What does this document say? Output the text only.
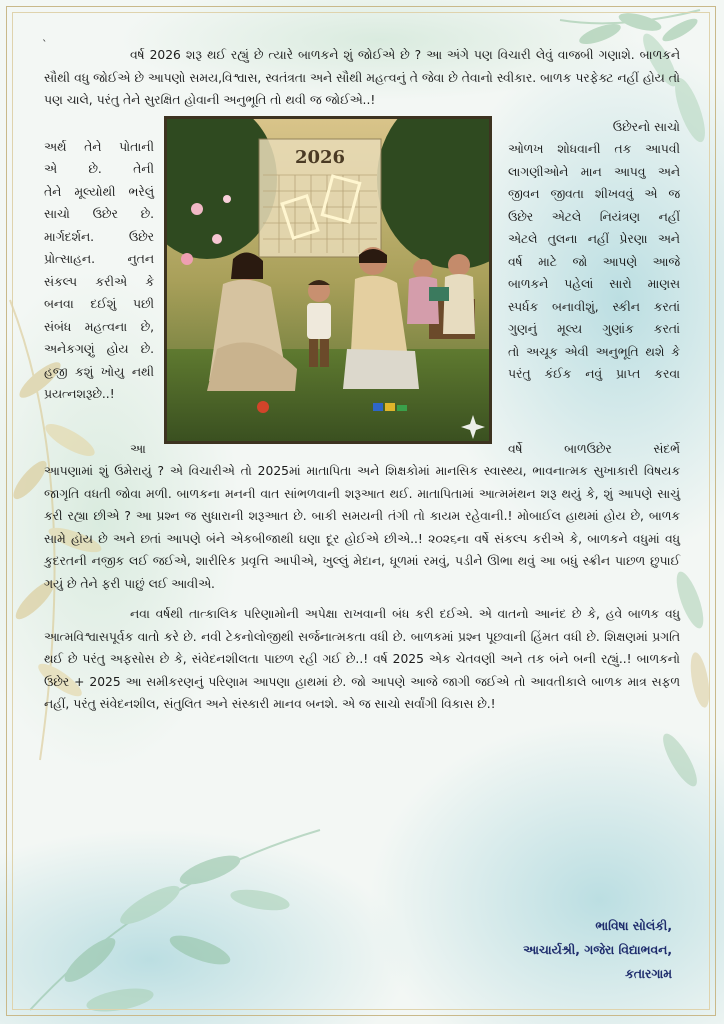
`

વર્ષ 2026 શરૂ થઈ રહ્યું છે ત્યારે બાળકને શું જોઈએ છે ? આ અંગે પણ વિચારી લેવું વાજબી ગણાશે. બાળકને સૌથી વધુ જોઈએ છે આપણો સમય,વિશ્વાસ, સ્વતંત્રતા અને સૌથી મહત્વનું તે જેવા છે તેવાનો સ્વીકાર. બાળક પરફેક્ટ નહીં હોય તો પણ ચાલે, પરંતુ તેને સુરક્ષિત હોવાની અનુભૂતિ તો થવી જ જોઈએ..!

અર્થ તેને પોતાની
એ	છે.	તેની
તેને મૂલ્યોથી ભરેલું
સાચો ઉછેર છે.
માર્ગદર્શન.	ઉછેર
પ્રોત્સાહન.	નુતન
સંકલ્પ કરીએ કે
બનવા દઈશું પછી
સંબંધ મહત્વના છે,
અનેકગણું હોય છે.
હજી કશું ખોયુ નથી
પ્રયત્ન શરૂ છે..!
2026
ઉછેરનો સાચો
ઓળખ શોધવાની તક આપવી
લાગણીઓને માન આપવુ અને
જીવન જીવતા શીખવવું એ જ
ઉછેર એટલે નિયંત્રણ નહીં
એટલે તુલના નહીં પ્રેરણા અને
વર્ષ માટે જો આપણે આજે
બાળકને પહેલાં સારો માણસ
સ્પર્ધક બનાવીશું, સ્કીન કરતાં
ગુણનું મૂલ્ય ગુણાંક કરતાં
તો અચૂક એવી અનુભૂતિ થશે કે
પરંતુ કંઈક નવું પ્રાપ્ત કરવા
આ	વર્ષે	બાળઉછેર	સંદર્ભે

આપણામાં શું ઉમેરાયું ? એ વિચારીએ તો 2025માં માતાપિતા અને શિક્ષકોમાં માનસિક સ્વાસ્થ્ય, ભાવનાત્મક સુખાકારી વિષયક જાગૃતિ વધતી જોવા મળી. બાળકના મનની વાત સાંભળવાની શરૂઆત થઈ. માતાપિતામાં આત્મમંથન શરૂ થયું કે, શું આપણે સાચું કરી રહ્યા છીએ ? આ પ્રશ્ન જ સુધારાની શરૂઆત છે. બાકી સમયની તંગી તો કાયમ રહેવાની.! મોબાઈલ હાથમાં હોય છે, બાળક સામે હોય છે અને છતાં આપણે બંને એકબીજાથી ઘણા દૂર હોઈએ છીએ..! ૨૦૨૬ના વર્ષે સંકલ્પ કરીએ કે, બાળકને વધુમાં વધુ કુદરતની નજીક લઈ જઈએ, શારીરિક પ્રવૃત્તિ આપીએ, ખુલ્લું મેદાન, ધૂળમાં રમવું, પડીને ઊભા થવું આ બધું સ્ક્રીન પાછળ છુપાઈ ગયું છે તેને ફરી પાછું લઈ આવીએ.

નવા વર્ષથી તાત્કાલિક પરિણામોની અપેક્ષા રાખવાની બંધ કરી દઈએ. એ વાતનો આનંદ છે કે, હવે બાળક વધુ આત્મવિશ્વાસપૂર્વક વાતો કરે છે. નવી ટેકનોલોજીથી સર્જનાત્મકતા વધી છે. બાળકમાં પ્રશ્ન પૂછવાની હિંમત વધી છે. શિક્ષણમાં પ્રગતિ થઈ છે પરંતુ અફસોસ છે કે, સંવેદનશીલતા પાછળ રહી ગઈ છે..! વર્ષ 2025 એક ચેતવણી અને તક બંને બની રહ્યું..! બાળકનો ઉછેર + 2025 આ સમીકરણનું પરિણામ આપણા હાથમાં છે. જો આપણે આજે જાગી જઈએ તો આવતીકાલે બાળક માત્ર સફળ નહીં, પરંતુ સંવેદનશીલ, સંતુલિત અને સંસ્કારી માનવ બનશે. એ જ સાચો સર્વાંગી વિકાસ છે.!

ભાવિષા સોલંકી,
આચાર્યશ્રી, ગજેરા વિદ્યાભવન,
કતારગામ
